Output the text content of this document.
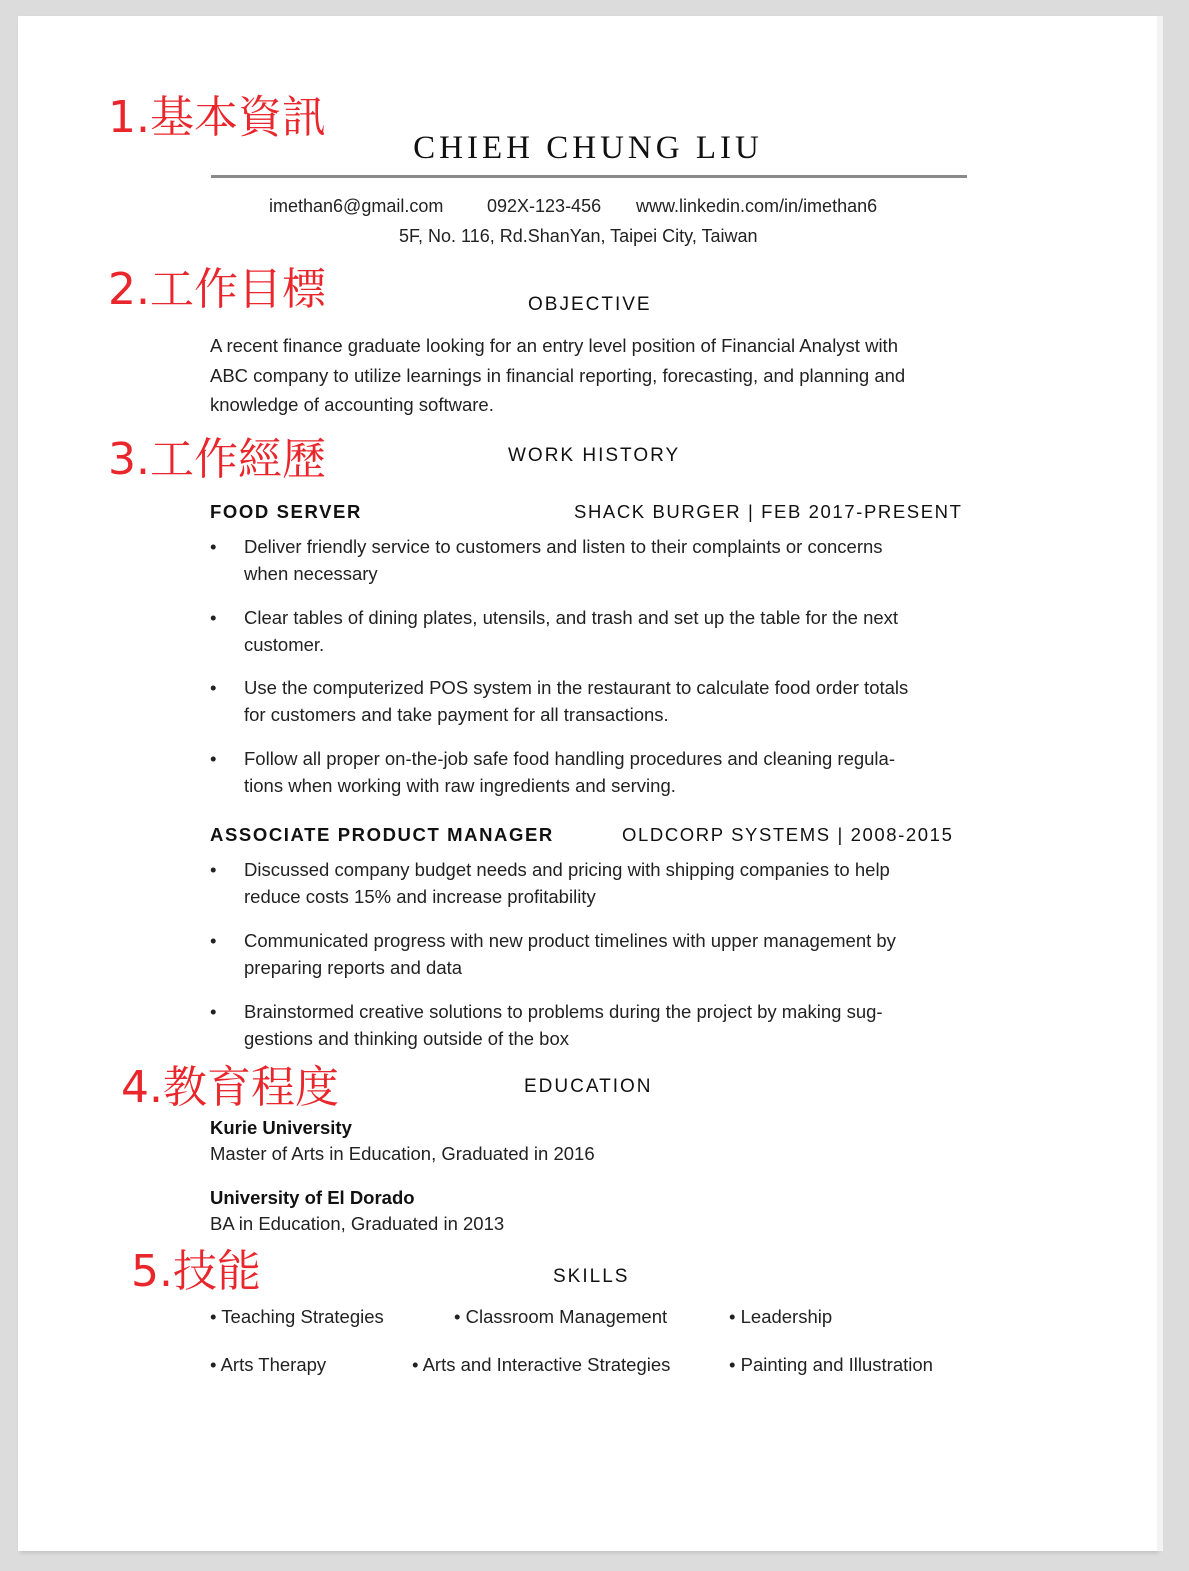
1.基本資訊
2.工作目標
3.工作經歷
4.教育程度
5.技能
CHIEH CHUNG LIU
imethan6@gmail.com 092X-123-456 www.linkedin.com/in/imethan6
5F, No. 116, Rd.ShanYan, Taipei City, Taiwan
OBJECTIVE
A recent finance graduate looking for an entry level position of Financial Analyst with
ABC company to utilize learnings in financial reporting, forecasting, and planning and
knowledge of accounting software.
WORK HISTORY
FOOD SERVER	SHACK BURGER | FEB 2017-PRESENT
• Deliver friendly service to customers and listen to their complaints or concerns
when necessary
• Clear tables of dining plates, utensils, and trash and set up the table for the next
customer.
• Use the computerized POS system in the restaurant to calculate food order totals
for customers and take payment for all transactions.
• Follow all proper on-the-job safe food handling procedures and cleaning regula-
tions when working with raw ingredients and serving.
ASSOCIATE PRODUCT MANAGER	OLDCORP SYSTEMS | 2008-2015
• Discussed company budget needs and pricing with shipping companies to help
reduce costs 15% and increase profitability
• Communicated progress with new product timelines with upper management by
preparing reports and data
• Brainstormed creative solutions to problems during the project by making sug-
gestions and thinking outside of the box
EDUCATION
Kurie University
Master of Arts in Education, Graduated in 2016
University of El Dorado
BA in Education, Graduated in 2013
SKILLS
• Teaching Strategies	• Classroom Management	• Leadership
• Arts Therapy	• Arts and Interactive Strategies	• Painting and Illustration
